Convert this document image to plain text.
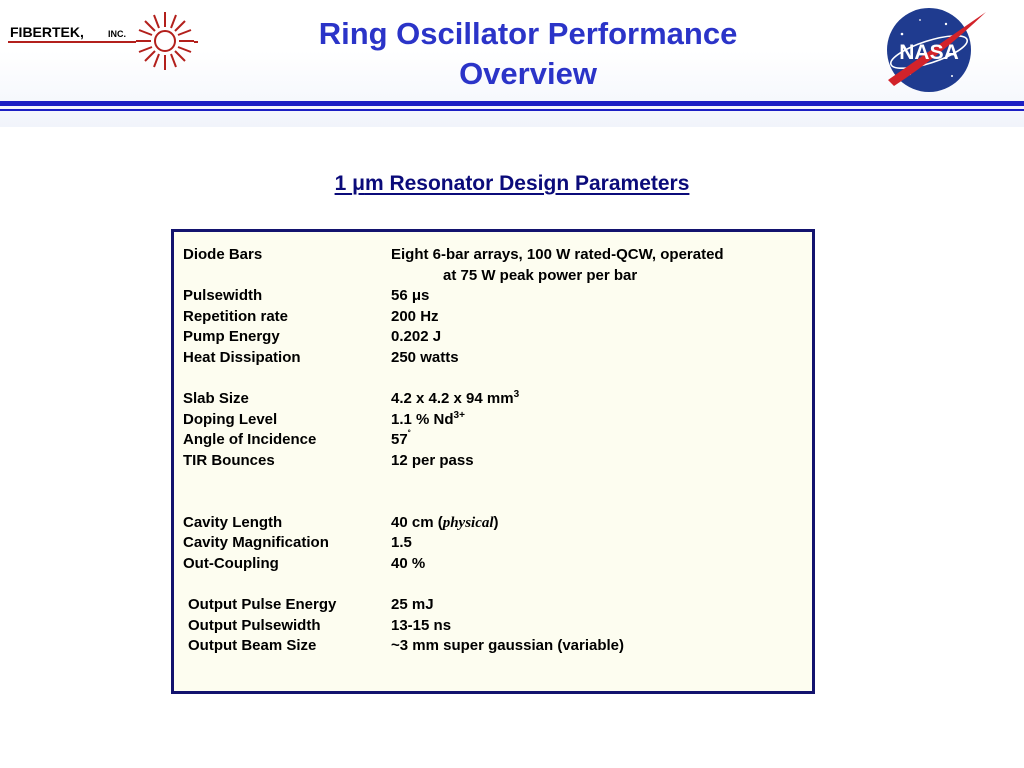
FIBERTEK,	INC.	Ring Oscillator Performance
Overview
NASA
1 μm Resonator Design Parameters
Diode Bars	Eight 6-bar arrays, 100 W rated-QCW, operated
at 75 W peak power per bar
Pulsewidth	56 μs
Repetition rate	200 Hz
Pump Energy	0.202 J
Heat Dissipation	250 watts
Slab Size	4.2 x 4.2 x 94 $mm^3$
Doping Level	1.1 % $Nd^{3+}$
Angle of Incidence	57˚
TIR Bounces	12 per pass
Cavity Length	40 cm (physical)
Cavity Magnification	1.5
Out-Coupling	40 %
Output Pulse Energy	25 mJ
Output Pulsewidth	13-15 ns
Output Beam Size	~3 mm super gaussian (variable)
